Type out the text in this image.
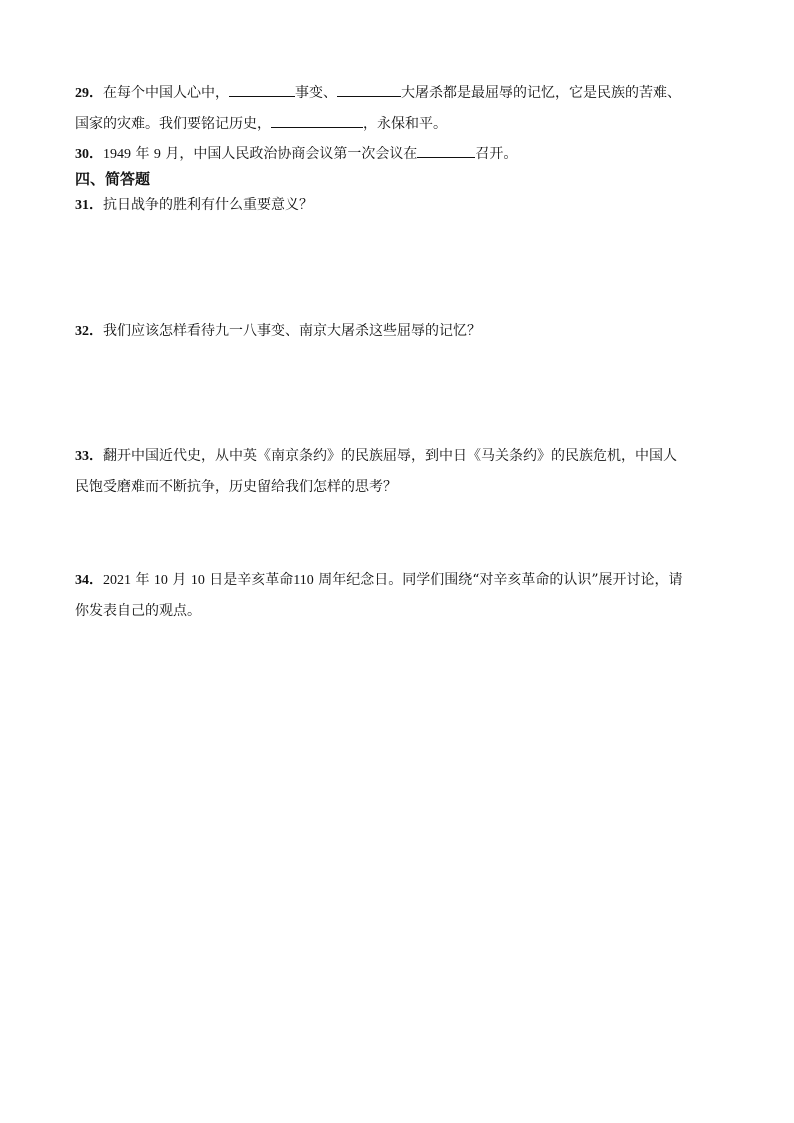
29．在每个中国人心中，	事变、	大屠杀都是最屈辱的记忆，它是民族的苦难、
国家的灾难。我们要铭记历史，	，永保和平。
30．1949 年 9 月，中国人民政治协商会议第一次会议在	召开。
四、简答题
31．抗日战争的胜利有什么重要意义？
32．我们应该怎样看待九一八事变、南京大屠杀这些屈辱的记忆？
33．翻开中国近代史，从中英《南京条约》的民族屈辱，到中日《马关条约》的民族危机，中国人
民饱受磨难而不断抗争，历史留给我们怎样的思考？
34．2021 年 10 月 10 日是辛亥革命110 周年纪念日。同学们围绕“对辛亥革命的认识”展开讨论，请
你发表自己的观点。
